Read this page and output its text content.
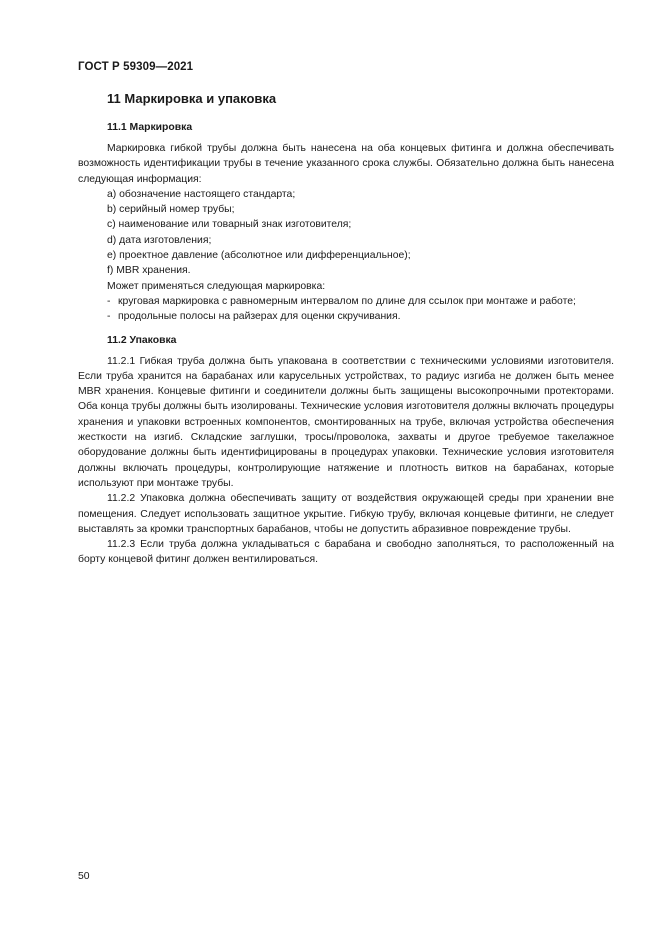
ГОСТ Р 59309—2021
11 Маркировка и упаковка
11.1 Маркировка

Маркировка гибкой трубы должна быть нанесена на оба концевых фитинга и должна обеспечивать возможность идентификации трубы в течение указанного срока службы. Обязательно должна быть нанесена следующая информация:

a) обозначение настоящего стандарта;
b) серийный номер трубы;
c) наименование или товарный знак изготовителя;
d) дата изготовления;
e) проектное давление (абсолютное или дифференциальное);
f) MBR хранения.
Может применяться следующая маркировка:
- круговая маркировка с равномерным интервалом по длине для ссылок при монтаже и работе;
- продольные полосы на райзерах для оценки скручивания.
11.2 Упаковка

11.2.1 Гибкая труба должна быть упакована в соответствии с техническими условиями изготовителя. Если труба хранится на барабанах или карусельных устройствах, то радиус изгиба не должен быть менее MBR хранения. Концевые фитинги и соединители должны быть защищены высокопрочными протекторами. Оба конца трубы должны быть изолированы. Технические условия изготовителя должны включать процедуры хранения и упаковки встроенных компонентов, смонтированных на трубе, включая устройства обеспечения жесткости на изгиб. Складские заглушки, тросы/проволока, захваты и другое требуемое такелажное оборудование должны быть идентифицированы в процедурах упаковки. Технические условия изготовителя должны включать процедуры, контролирующие натяжение и плотность витков на барабанах, которые используют при монтаже трубы.

11.2.2 Упаковка должна обеспечивать защиту от воздействия окружающей среды при хранении вне помещения. Следует использовать защитное укрытие. Гибкую трубу, включая концевые фитинги, не следует выставлять за кромки транспортных барабанов, чтобы не допустить абразивное повреждение трубы.

11.2.3 Если труба должна укладываться с барабана и свободно заполняться, то расположенный на борту концевой фитинг должен вентилироваться.

50
